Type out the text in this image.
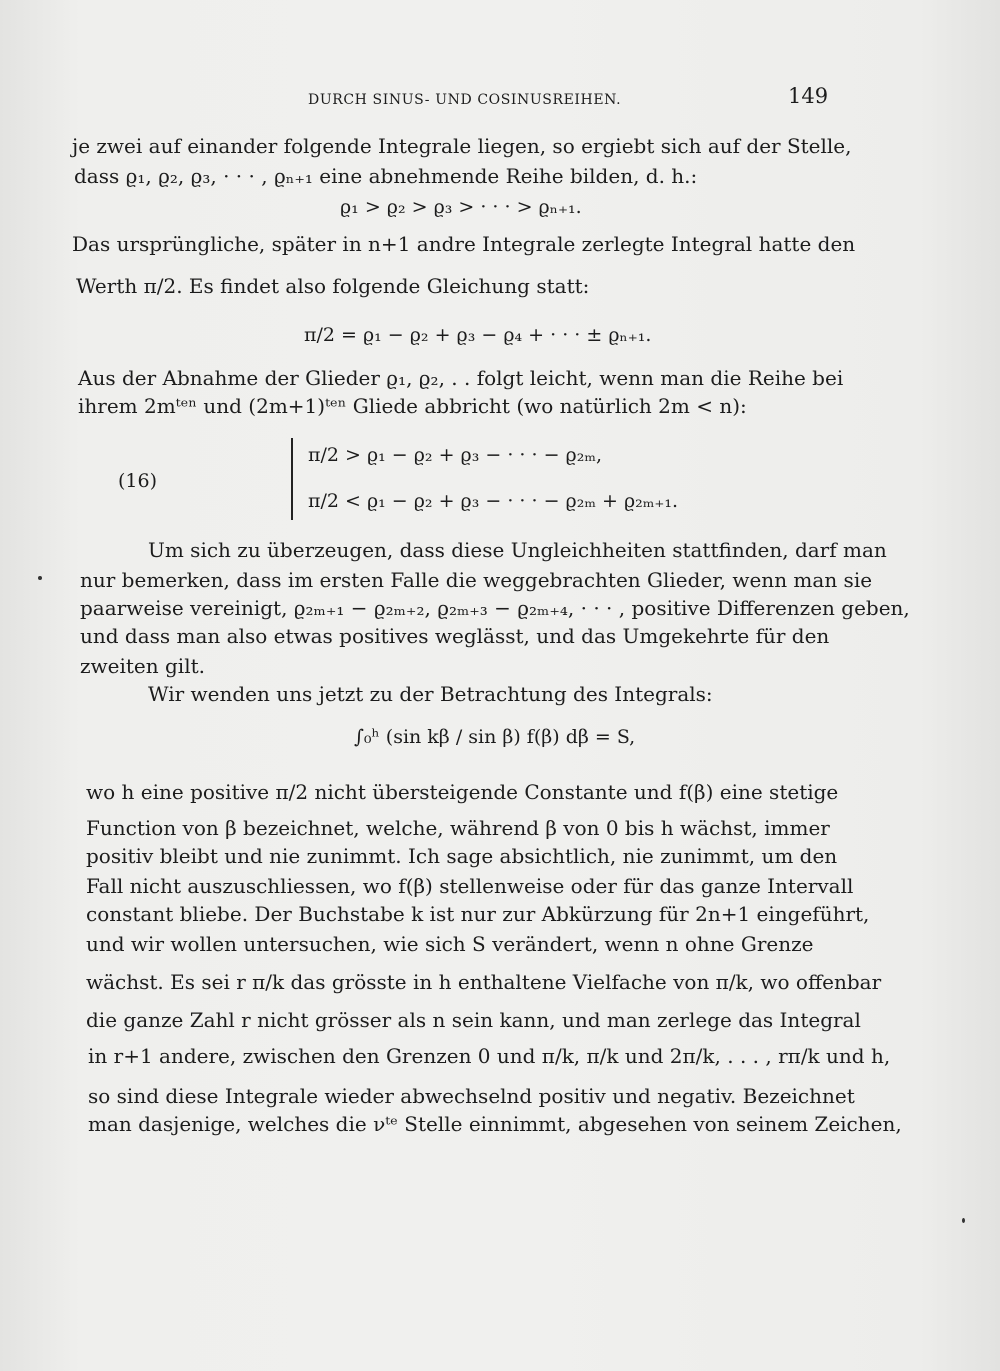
DURCH SINUS- UND COSINUSREIHEN.	149
je zwei auf einander folgende Integrale liegen, so ergiebt sich auf der Stelle,
dass ϱ₁, ϱ₂, ϱ₃, · · · , ϱₙ₊₁ eine abnehmende Reihe bilden, d. h.:
ϱ₁ > ϱ₂ > ϱ₃ > · · · > ϱₙ₊₁.
Das ursprüngliche, später in n+1 andre Integrale zerlegte Integral hatte den
Werth π/2. Es findet also folgende Gleichung statt:
π/2 = ϱ₁ − ϱ₂ + ϱ₃ − ϱ₄ + · · · ± ϱₙ₊₁.
Aus der Abnahme der Glieder ϱ₁, ϱ₂, . . folgt leicht, wenn man die Reihe bei
ihrem 2mᵗᵉⁿ und (2m+1)ᵗᵉⁿ Gliede abbricht (wo natürlich 2m < n):
(16)
π/2 > ϱ₁ − ϱ₂ + ϱ₃ − · · · − ϱ₂ₘ,
π/2 < ϱ₁ − ϱ₂ + ϱ₃ − · · · − ϱ₂ₘ + ϱ₂ₘ₊₁.
Um sich zu überzeugen, dass diese Ungleichheiten stattfinden, darf man
nur bemerken, dass im ersten Falle die weggebrachten Glieder, wenn man sie
paarweise vereinigt, ϱ₂ₘ₊₁ − ϱ₂ₘ₊₂, ϱ₂ₘ₊₃ − ϱ₂ₘ₊₄, · · · , positive Differenzen geben,
und dass man also etwas positives weglässt, und das Umgekehrte für den
zweiten gilt.
Wir wenden uns jetzt zu der Betrachtung des Integrals:
∫₀ʰ (sin kβ / sin β) f(β) dβ = S,
wo h eine positive π/2 nicht übersteigende Constante und f(β) eine stetige
Function von β bezeichnet, welche, während β von 0 bis h wächst, immer
positiv bleibt und nie zunimmt. Ich sage absichtlich, nie zunimmt, um den
Fall nicht auszuschliessen, wo f(β) stellenweise oder für das ganze Intervall
constant bliebe. Der Buchstabe k ist nur zur Abkürzung für 2n+1 eingeführt,
und wir wollen untersuchen, wie sich S verändert, wenn n ohne Grenze
wächst. Es sei r π/k das grösste in h enthaltene Vielfache von π/k, wo offenbar
die ganze Zahl r nicht grösser als n sein kann, und man zerlege das Integral
in r+1 andere, zwischen den Grenzen 0 und π/k, π/k und 2π/k, . . . , rπ/k und h,
so sind diese Integrale wieder abwechselnd positiv und negativ. Bezeichnet
man dasjenige, welches die νᵗᵉ Stelle einnimmt, abgesehen von seinem Zeichen,
